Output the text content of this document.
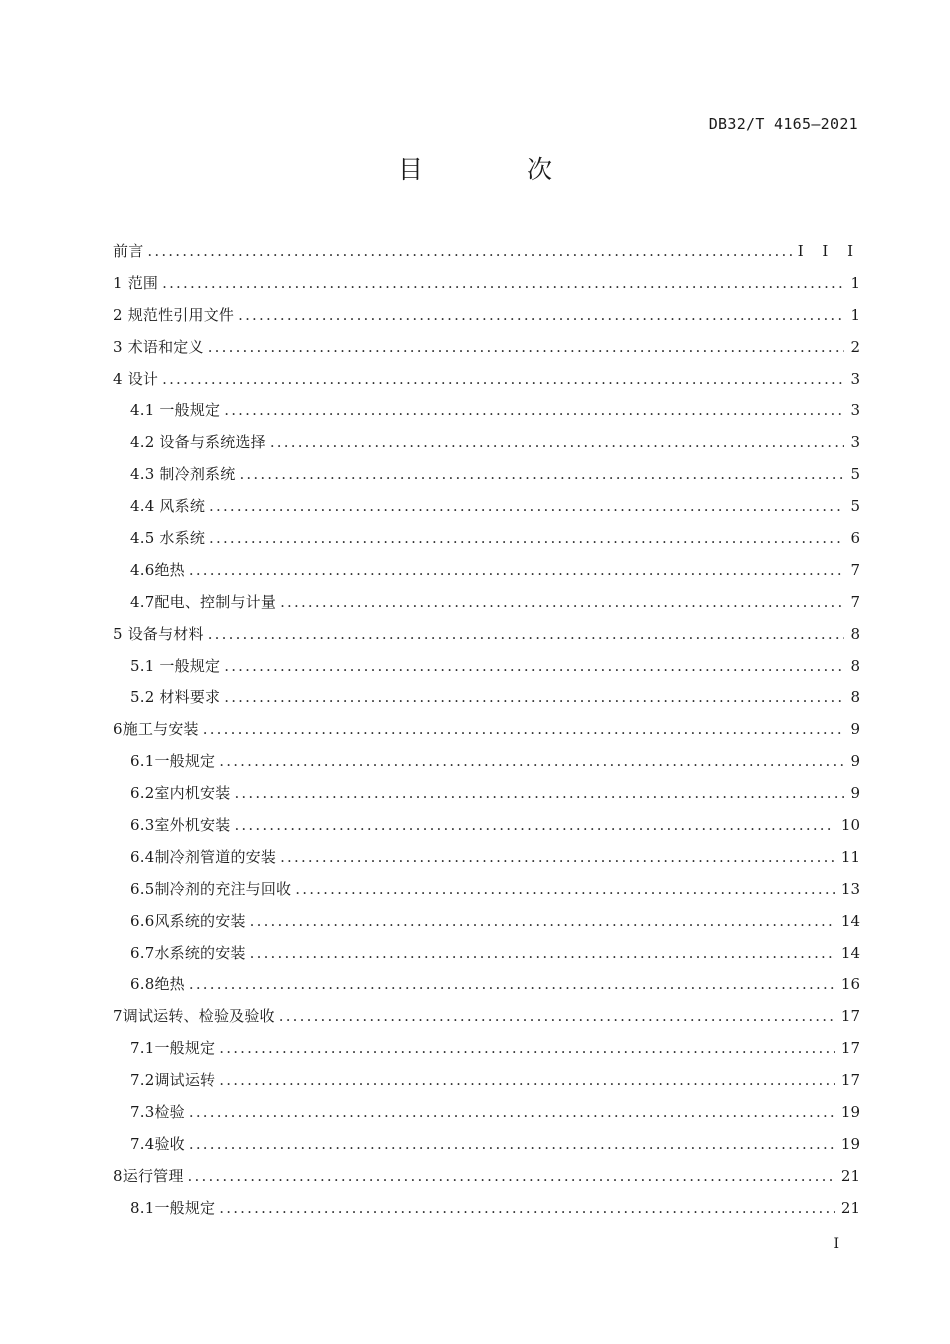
DB32/T 4165—2021
目 次
前言 .....	I I I
1 范围 .....	1
2 规范性引用文件 .....	1
3 术语和定义 .....	2
4 设计 .....	3
4.1 一般规定 .....	3
4.2 设备与系统选择 .....	3
4.3 制冷剂系统 .....	5
4.4 风系统 .....	5
4.5 水系统 .....	6
4.6绝热 .....	7
4.7配电、控制与计量 .....	7
5 设备与材料 .....	8
5.1 一般规定 .....	8
5.2 材料要求 .....	8
6施工与安装 .....	9
6.1一般规定 .....	9
6.2室内机安装 .....	9
6.3室外机安装 .....	10
6.4制冷剂管道的安装 .....	11
6.5制冷剂的充注与回收 .....	13
6.6风系统的安装 .....	14
6.7水系统的安装 .....	14
6.8绝热 .....	16
7调试运转、检验及验收 .....	17
7.1一般规定 .....	17
7.2调试运转 .....	17
7.3检验 .....	19
7.4验收 .....	19
8运行管理 .....	21
8.1一般规定 .....	21
I
